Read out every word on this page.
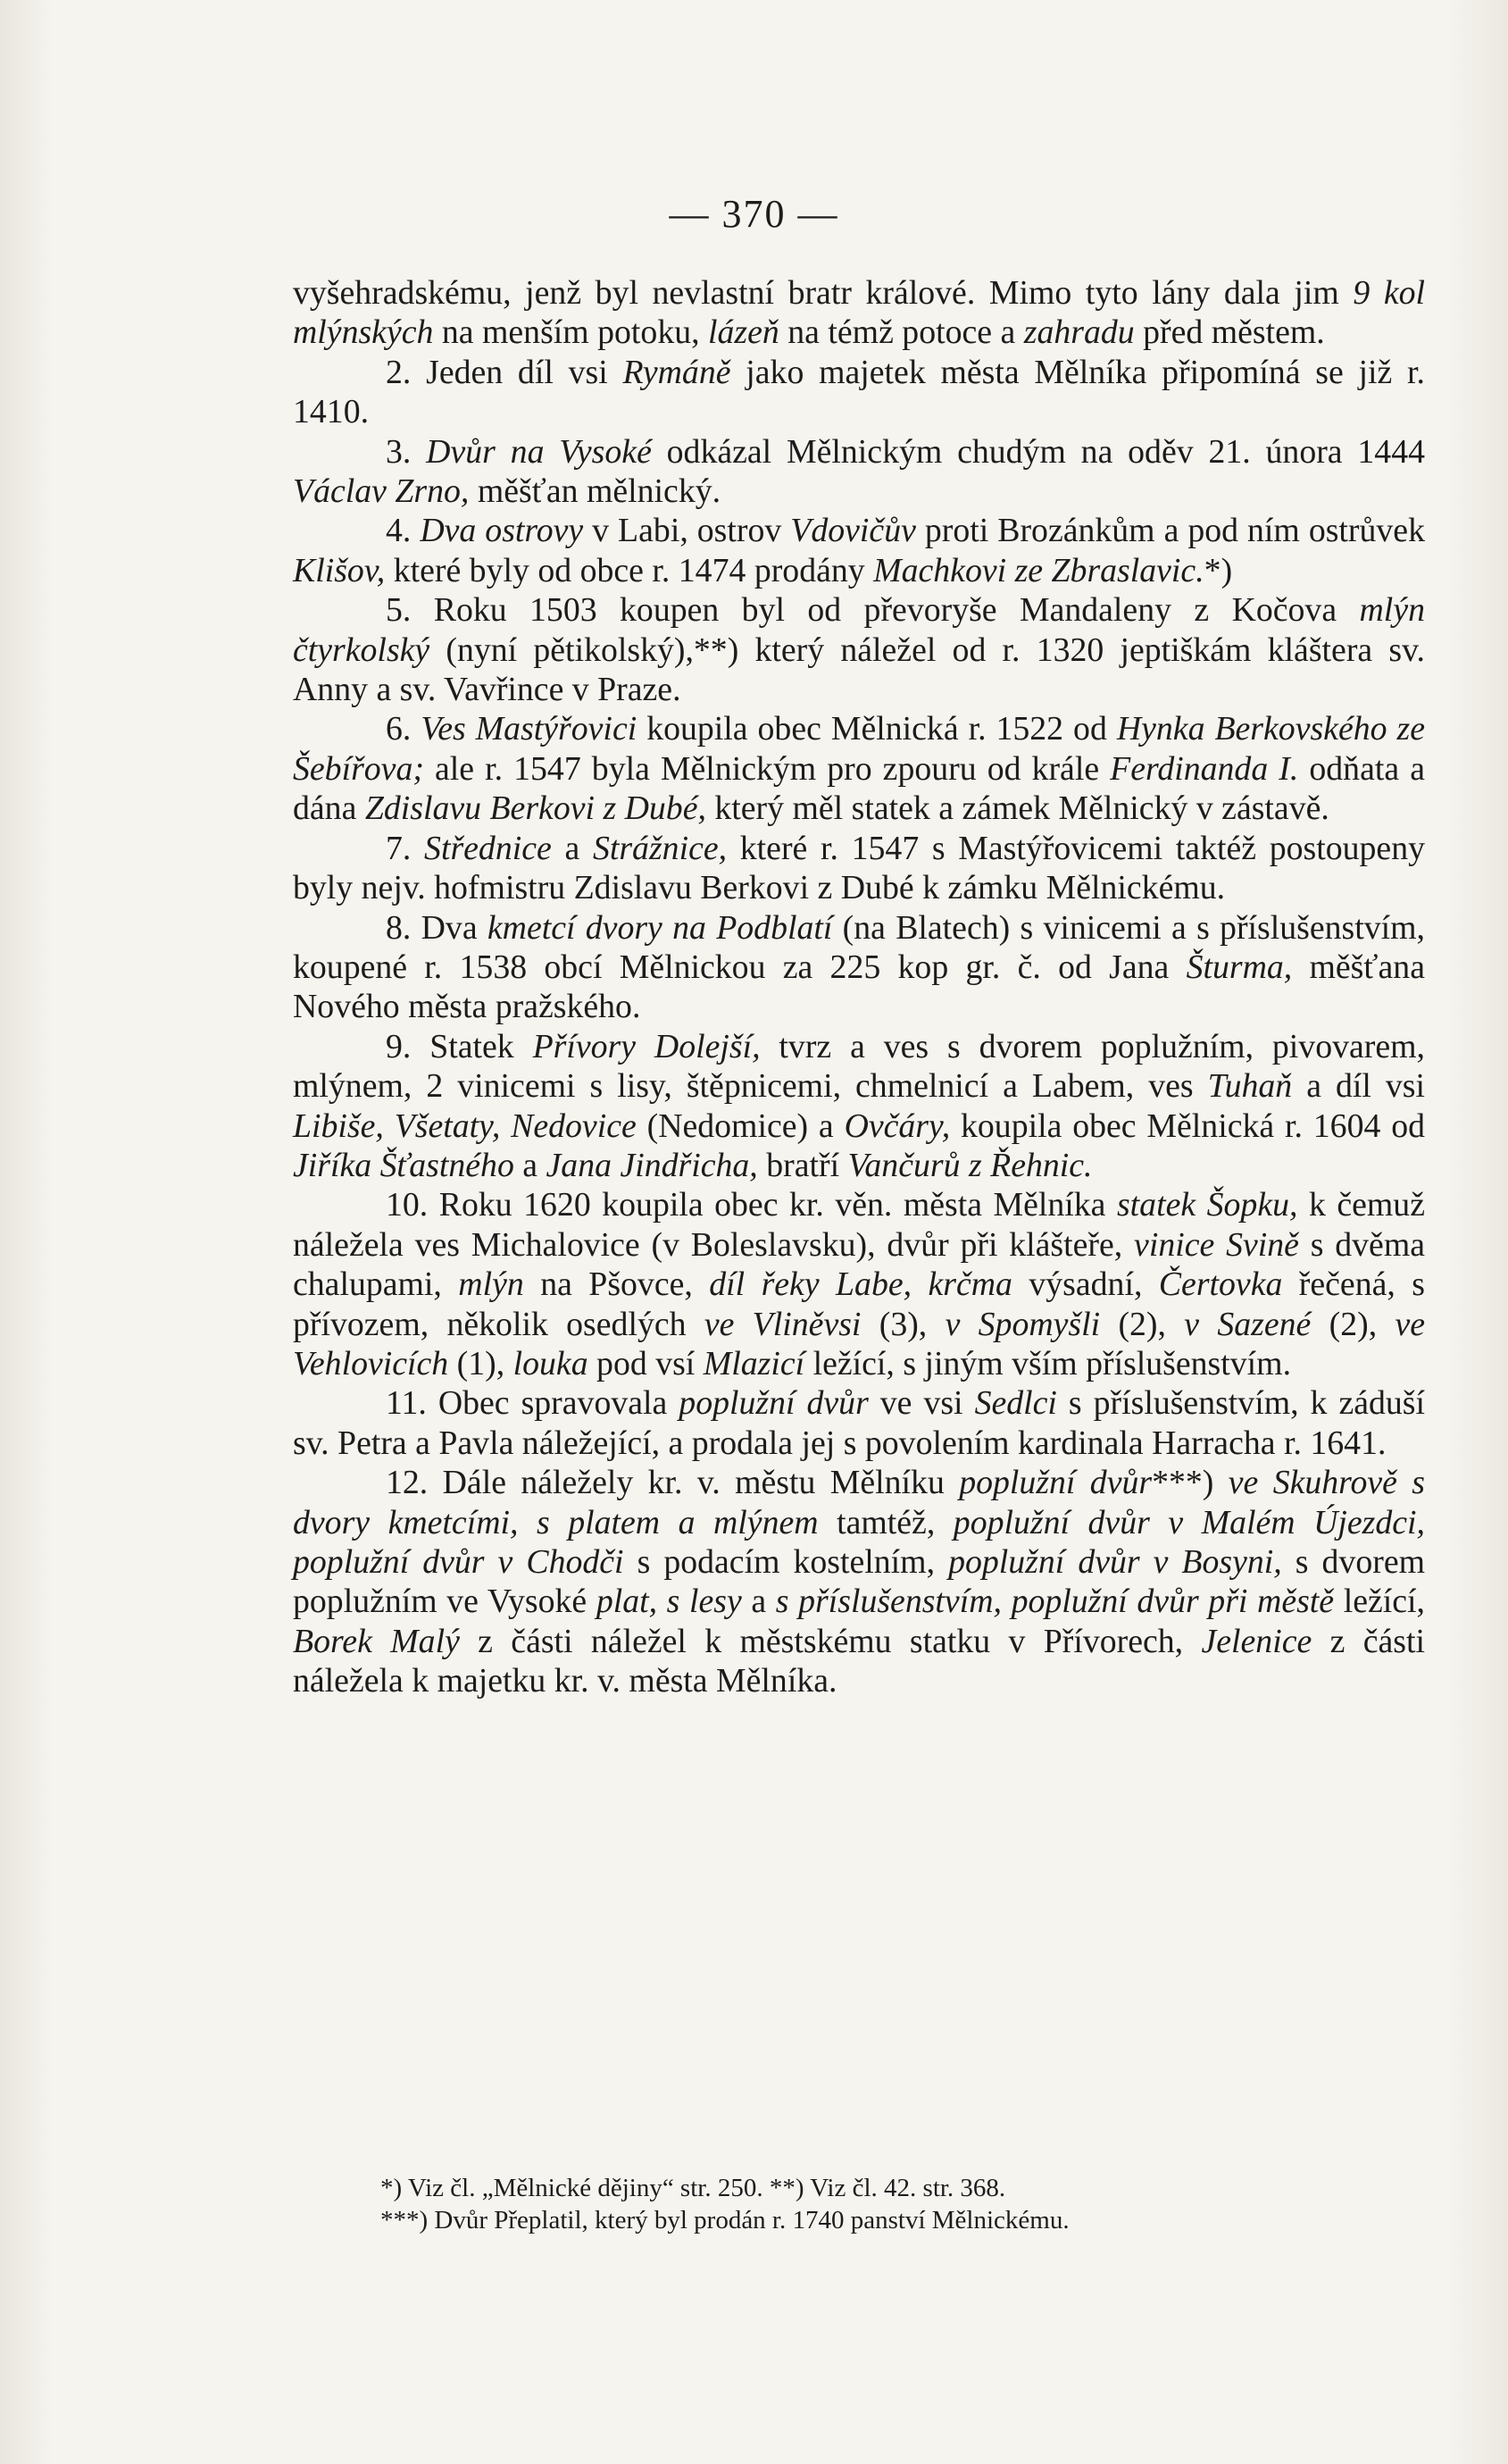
— 370 —

vyšehradskému, jenž byl nevlastní bratr králové. Mimo tyto lány dala jim 9 kol mlýnských na menším potoku, lázeň na témž potoce a zahradu před městem.

2. Jeden díl vsi Rymáně jako majetek města Mělníka připomíná se již r. 1410.

3. Dvůr na Vysoké odkázal Mělnickým chudým na oděv 21. února 1444 Václav Zrno, měšťan mělnický.

4. Dva ostrovy v Labi, ostrov Vdovičův proti Brozánkům a pod ním ostrůvek Klišov, které byly od obce r. 1474 prodány Machkovi ze Zbraslavic.*)

5. Roku 1503 koupen byl od převoryše Mandaleny z Kočova mlýn čtyrkolský (nyní pětikolský),**) který náležel od r. 1320 jeptiškám kláštera sv. Anny a sv. Vavřince v Praze.

6. Ves Mastýřovici koupila obec Mělnická r. 1522 od Hynka Berkovského ze Šebířova; ale r. 1547 byla Mělnickým pro zpouru od krále Ferdinanda I. odňata a dána Zdislavu Berkovi z Dubé, který měl statek a zámek Mělnický v zástavě.

7. Střednice a Strážnice, které r. 1547 s Mastýřovicemi taktéž postoupeny byly nejv. hofmistru Zdislavu Berkovi z Dubé k zámku Mělnickému.

8. Dva kmetcí dvory na Podblatí (na Blatech) s vinicemi a s příslušenstvím, koupené r. 1538 obcí Mělnickou za 225 kop gr. č. od Jana Šturma, měšťana Nového města pražského.

9. Statek Přívory Dolejší, tvrz a ves s dvorem poplužním, pivovarem, mlýnem, 2 vinicemi s lisy, štěpnicemi, chmelnicí a Labem, ves Tuhaň a díl vsi Libiše, Všetaty, Nedovice (Nedomice) a Ovčáry, koupila obec Mělnická r. 1604 od Jiříka Šťastného a Jana Jindřicha, bratří Vančurů z Řehnic.

10. Roku 1620 koupila obec kr. věn. města Mělníka statek Šopku, k čemuž náležela ves Michalovice (v Boleslavsku), dvůr při klášteře, vinice Svině s dvěma chalupami, mlýn na Pšovce, díl řeky Labe, krčma výsadní, Čertovka řečená, s přívozem, několik osedlých ve Vliněvsi (3), v Spomyšli (2), v Sazené (2), ve Vehlovicích (1), louka pod vsí Mlazicí ležící, s jiným vším příslušenstvím.

11. Obec spravovala poplužní dvůr ve vsi Sedlci s příslušenstvím, k záduší sv. Petra a Pavla náležející, a prodala jej s povolením kardinala Harracha r. 1641.

12. Dále náležely kr. v. městu Mělníku poplužní dvůr***) ve Skuhrově s dvory kmetcími, s platem a mlýnem tamtéž, poplužní dvůr v Malém Újezdci, poplužní dvůr v Chodči s podacím kostelním, poplužní dvůr v Bosyni, s dvorem poplužním ve Vysoké plat, s lesy a s příslušenstvím, poplužní dvůr při městě ležící, Borek Malý z části náležel k městskému statku v Přívorech, Jelenice z části náležela k majetku kr. v. města Mělníka.

*) Viz čl. „Mělnické dějiny“ str. 250. **) Viz čl. 42. str. 368.

***) Dvůr Přeplatil, který byl prodán r. 1740 panství Mělnickému.
